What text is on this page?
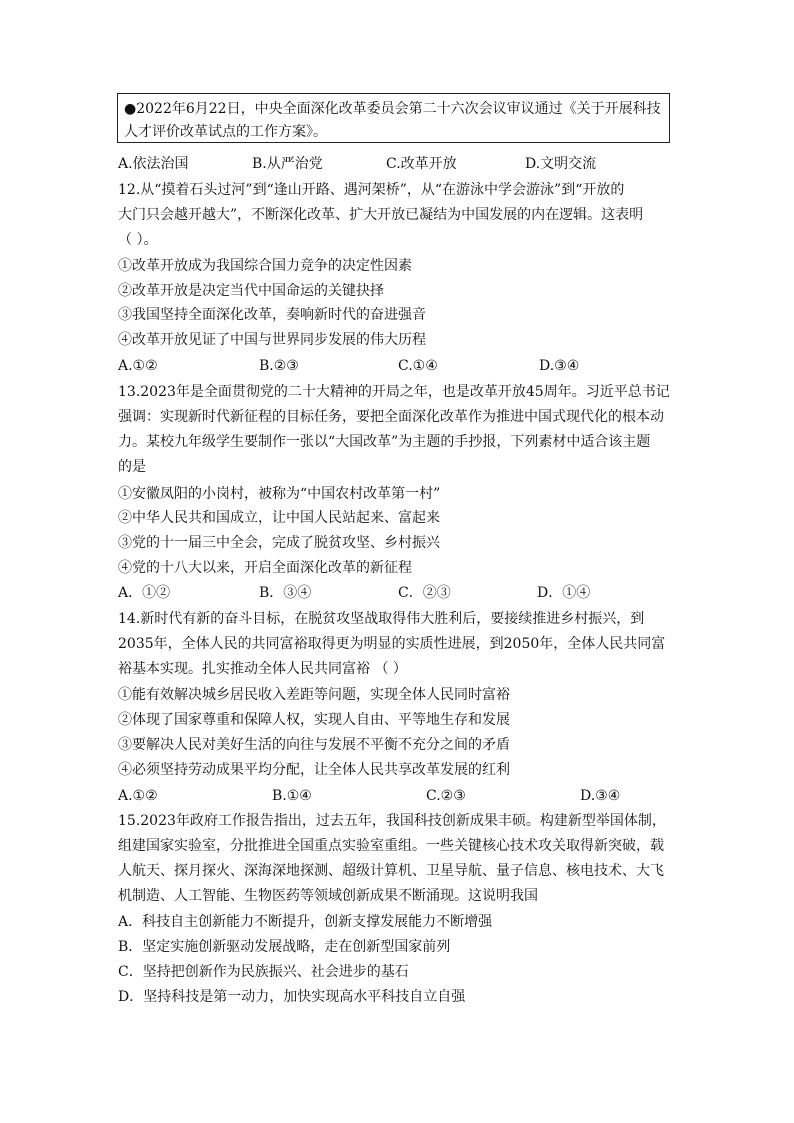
●2022年6月22日，中央全面深化改革委员会第二十六次会议审议通过《关于开展科技
人才评价改革试点的工作方案》。
A.依法治国	B.从严治党	C.改革开放	D.文明交流
12.从“摸着石头过河”到“逢山开路、遇河架桥”，从“在游泳中学会游泳”到“开放的
大门只会越开越大”，不断深化改革、扩大开放已凝结为中国发展的内在逻辑。这表明
（ ）。
①改革开放成为我国综合国力竞争的决定性因素
②改革开放是决定当代中国命运的关键抉择
③我国坚持全面深化改革，奏响新时代的奋进强音
④改革开放见证了中国与世界同步发展的伟大历程
A.①②	B.②③	C.①④	D.③④
13.2023年是全面贯彻党的二十大精神的开局之年，也是改革开放45周年。习近平总书记
强调：实现新时代新征程的目标任务，要把全面深化改革作为推进中国式现代化的根本动
力。某校九年级学生要制作一张以“大国改革”为主题的手抄报，下列素材中适合该主题
的是
①安徽凤阳的小岗村，被称为“中国农村改革第一村”
②中华人民共和国成立，让中国人民站起来、富起来
③党的十一届三中全会，完成了脱贫攻坚、乡村振兴
④党的十八大以来，开启全面深化改革的新征程
A．①②	B．③④	C．②③	D．①④
14.新时代有新的奋斗目标，在脱贫攻坚战取得伟大胜利后，要接续推进乡村振兴，到
2035年，全体人民的共同富裕取得更为明显的实质性进展，到2050年，全体人民共同富
裕基本实现。扎实推动全体人民共同富裕 （ ）
①能有效解决城乡居民收入差距等问题，实现全体人民同时富裕
②体现了国家尊重和保障人权，实现人自由、平等地生存和发展
③要解决人民对美好生活的向往与发展不平衡不充分之间的矛盾
④必须坚持劳动成果平均分配，让全体人民共享改革发展的红利
A.①②	B.①④	C.②③	D.③④
15.2023年政府工作报告指出，过去五年，我国科技创新成果丰硕。构建新型举国体制，
组建国家实验室，分批推进全国重点实验室重组。一些关键核心技术攻关取得新突破，载
人航天、探月探火、深海深地探测、超级计算机、卫星导航、量子信息、核电技术、大飞
机制造、人工智能、生物医药等领域创新成果不断涌现。这说明我国
A．科技自主创新能力不断提升，创新支撑发展能力不断增强
B．坚定实施创新驱动发展战略，走在创新型国家前列
C．坚持把创新作为民族振兴、社会进步的基石
D．坚持科技是第一动力，加快实现高水平科技自立自强
